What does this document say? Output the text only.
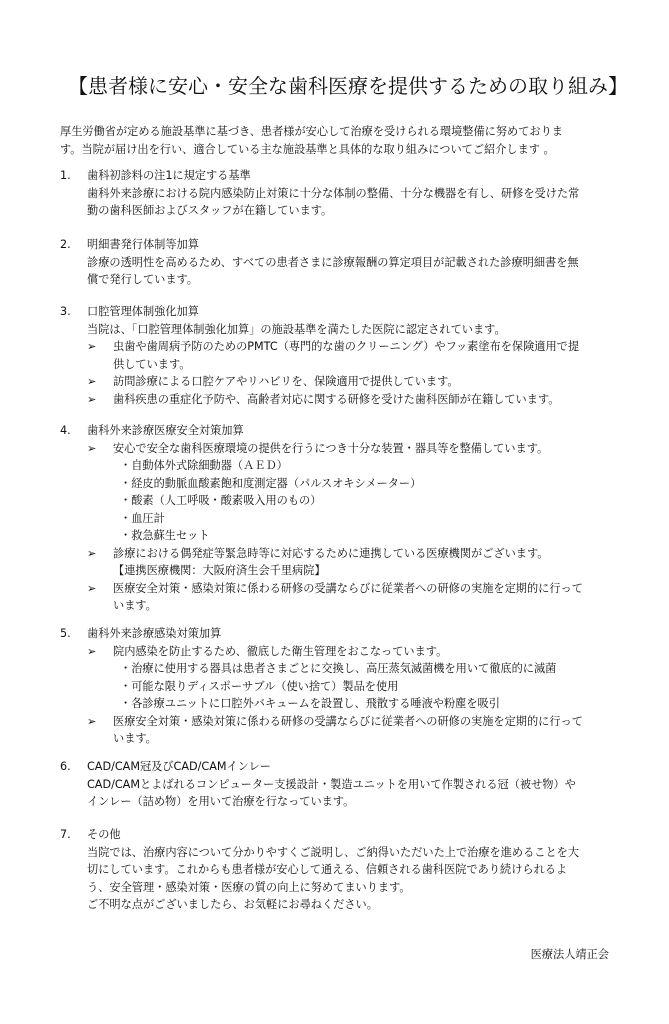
【患者様に安心・安全な歯科医療を提供するための取り組み】
厚生労働省が定める施設基準に基づき、患者様が安心して治療を受けられる環境整備に努めておりま
す。当院が届け出を行い、適合している主な施設基準と具体的な取り組みについてご紹介します 。
1. 歯科初診料の注1に規定する基準
歯科外来診療における院内感染防止対策に十分な体制の整備、十分な機器を有し、研修を受けた常
勤の歯科医師およびスタッフが在籍しています。
2. 明細書発行体制等加算
診療の透明性を高めるため、すべての患者さまに診療報酬の算定項目が記載された診療明細書を無
償で発行しています。
3. 口腔管理体制強化加算
当院は、「口腔管理体制強化加算」の施設基準を満たした医院に認定されています。
➢ 虫歯や歯周病予防のためのPMTC（専門的な歯のクリーニング）やフッ素塗布を保険適用で提
供しています。
➢ 訪問診療による口腔ケアやリハビリを、保険適用で提供しています。
➢ 歯科疾患の重症化予防や、高齢者対応に関する研修を受けた歯科医師が在籍しています。
4. 歯科外来診療医療安全対策加算
➢ 安心で安全な歯科医療環境の提供を行うにつき十分な装置・器具等を整備しています。
・自動体外式除細動器（ＡＥＤ）
・経皮的動脈血酸素飽和度測定器（パルスオキシメーター）
・酸素（人工呼吸・酸素吸入用のもの）
・血圧計
・救急蘇生セット
➢ 診療における偶発症等緊急時等に対応するために連携している医療機関がございます。
【連携医療機関：大阪府済生会千里病院】
➢ 医療安全対策・感染対策に係わる研修の受講ならびに従業者への研修の実施を定期的に行って
います。
5. 歯科外来診療感染対策加算
➢ 院内感染を防止するため、徹底した衛生管理をおこなっています。
・治療に使用する器具は患者さまごとに交換し、高圧蒸気滅菌機を用いて徹底的に滅菌
・可能な限りディスポーサブル（使い捨て）製品を使用
・各診療ユニットに口腔外バキュームを設置し、飛散する唾液や粉塵を吸引
➢ 医療安全対策・感染対策に係わる研修の受講ならびに従業者への研修の実施を定期的に行って
います。
6. CAD/CAM冠及びCAD/CAMインレー
CAD/CAMとよばれるコンピューター支援設計・製造ユニットを用いて作製される冠（被せ物）や
インレー（詰め物）を用いて治療を行なっています。
7. その他
当院では、治療内容について分かりやすくご説明し、ご納得いただいた上で治療を進めることを大
切にしています。これからも患者様が安心して通える、信頼される歯科医院であり続けられるよ
う、安全管理・感染対策・医療の質の向上に努めてまいります。
ご不明な点がございましたら、お気軽にお尋ねください。
医療法人靖正会
